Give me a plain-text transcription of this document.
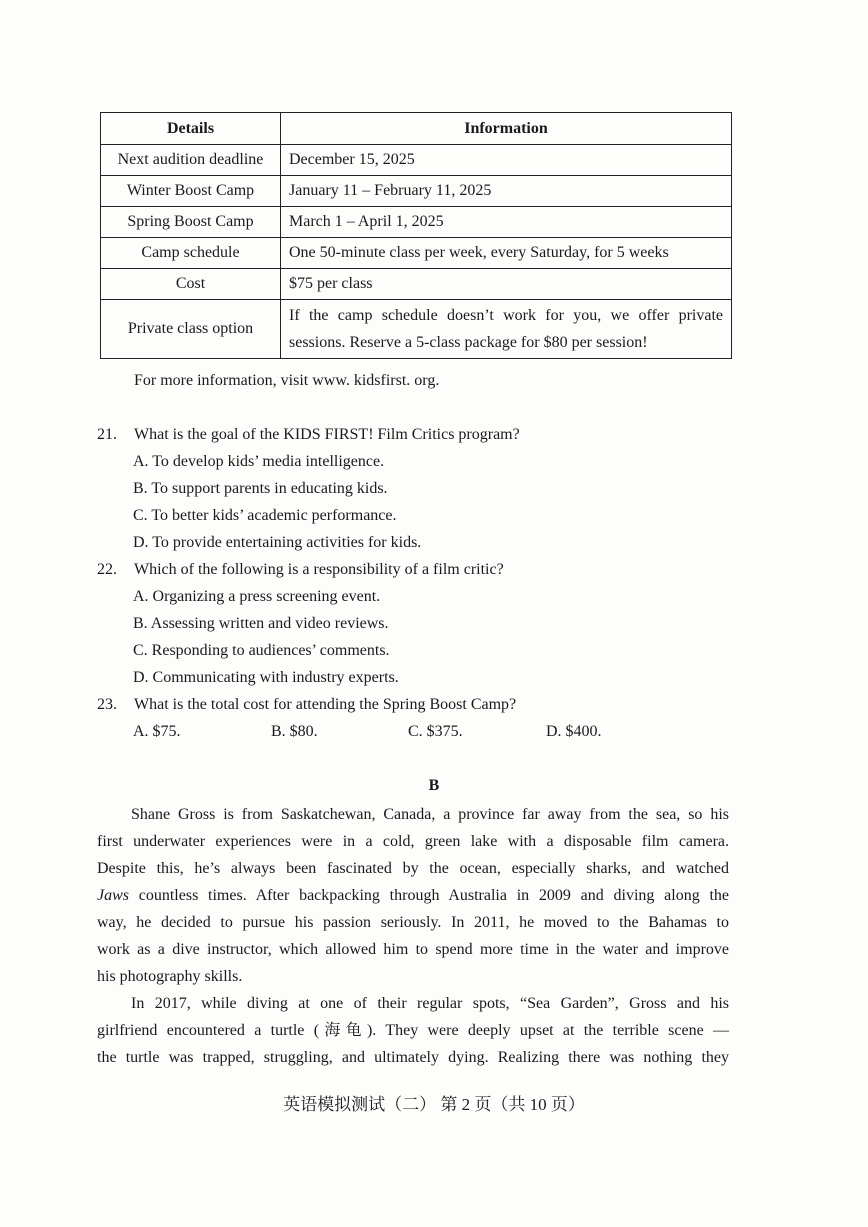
Details	Information
Next audition deadline	December 15, 2025
Winter Boost Camp	January 11 – February 11, 2025
Spring Boost Camp	March 1 – April 1, 2025
Camp schedule	One 50-minute class per week, every Saturday, for 5 weeks
Cost	$75 per class
Private class option	If the camp schedule doesn’t work for you, we offer private sessions. Reserve a 5-class package for $80 per session!
For more information, visit www. kidsfirst. org.
21. What is the goal of the KIDS FIRST! Film Critics program?
A. To develop kids’ media intelligence.
B. To support parents in educating kids.
C. To better kids’ academic performance.
D. To provide entertaining activities for kids.
22. Which of the following is a responsibility of a film critic?
A. Organizing a press screening event.
B. Assessing written and video reviews.
C. Responding to audiences’ comments.
D. Communicating with industry experts.
23. What is the total cost for attending the Spring Boost Camp?
A. $75.	B. $80.	C. $375.	D. $400.
B
Shane Gross is from Saskatchewan, Canada, a province far away from the sea, so his
first underwater experiences were in a cold, green lake with a disposable film camera.
Despite this, he’s always been fascinated by the ocean, especially sharks, and watched
Jaws countless times. After backpacking through Australia in 2009 and diving along the
way, he decided to pursue his passion seriously. In 2011, he moved to the Bahamas to
work as a dive instructor, which allowed him to spend more time in the water and improve
his photography skills.
In 2017, while diving at one of their regular spots, “Sea Garden”, Gross and his
girlfriend encountered a turtle (海龟). They were deeply upset at the terrible scene —
the turtle was trapped, struggling, and ultimately dying. Realizing there was nothing they
英语模拟测试（二） 第 2 页（共 10 页）
